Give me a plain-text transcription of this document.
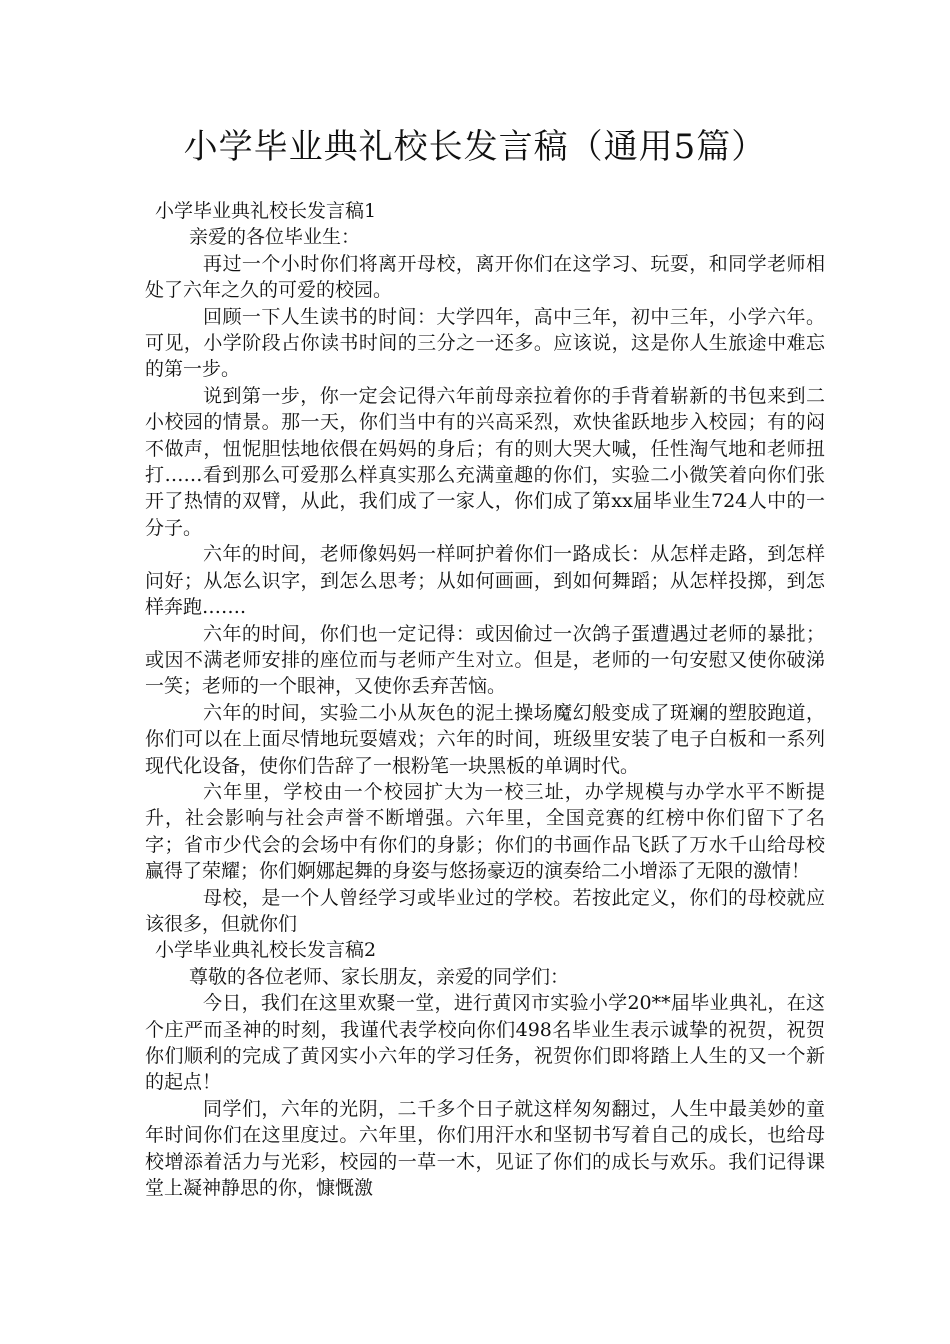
小学毕业典礼校长发言稿（通用5篇）

小学毕业典礼校长发言稿1

亲爱的各位毕业生：

再过一个小时你们将离开母校，离开你们在这学习、玩耍，和同学老师相处了六年之久的可爱的校园。

回顾一下人生读书的时间：大学四年，高中三年，初中三年，小学六年。可见，小学阶段占你读书时间的三分之一还多。应该说，这是你人生旅途中难忘的第一步。

说到第一步，你一定会记得六年前母亲拉着你的手背着崭新的书包来到二小校园的情景。那一天，你们当中有的兴高采烈，欢快雀跃地步入校园；有的闷不做声，忸怩胆怯地依偎在妈妈的身后；有的则大哭大喊，任性淘气地和老师扭打……看到那么可爱那么样真实那么充满童趣的你们，实验二小微笑着向你们张开了热情的双臂，从此，我们成了一家人，你们成了第xx届毕业生724人中的一分子。

六年的时间，老师像妈妈一样呵护着你们一路成长：从怎样走路，到怎样问好；从怎么识字，到怎么思考；从如何画画，到如何舞蹈；从怎样投掷，到怎样奔跑…….

六年的时间，你们也一定记得：或因偷过一次鸽子蛋遭遇过老师的暴批；或因不满老师安排的座位而与老师产生对立。但是，老师的一句安慰又使你破涕一笑；老师的一个眼神，又使你丢弃苦恼。

六年的时间，实验二小从灰色的泥土操场魔幻般变成了斑斓的塑胶跑道，你们可以在上面尽情地玩耍嬉戏；六年的时间，班级里安装了电子白板和一系列现代化设备，使你们告辞了一根粉笔一块黑板的单调时代。

六年里，学校由一个校园扩大为一校三址，办学规模与办学水平不断提升，社会影响与社会声誉不断增强。六年里，全国竞赛的红榜中你们留下了名字；省市少代会的会场中有你们的身影；你们的书画作品飞跃了万水千山给母校赢得了荣耀；你们婀娜起舞的身姿与悠扬豪迈的演奏给二小增添了无限的激情！

母校，是一个人曾经学习或毕业过的学校。若按此定义，你们的母校就应该很多，但就你们

小学毕业典礼校长发言稿2

尊敬的各位老师、家长朋友，亲爱的同学们：

今日，我们在这里欢聚一堂，进行黄冈市实验小学20**届毕业典礼，在这个庄严而圣神的时刻，我谨代表学校向你们498名毕业生表示诚挚的祝贺，祝贺你们顺利的完成了黄冈实小六年的学习任务，祝贺你们即将踏上人生的又一个新的起点！

同学们，六年的光阴，二千多个日子就这样匆匆翻过，人生中最美妙的童年时间你们在这里度过。六年里，你们用汗水和坚韧书写着自己的成长，也给母校增添着活力与光彩，校园的一草一木，见证了你们的成长与欢乐。我们记得课堂上凝神静思的你，慷慨激
